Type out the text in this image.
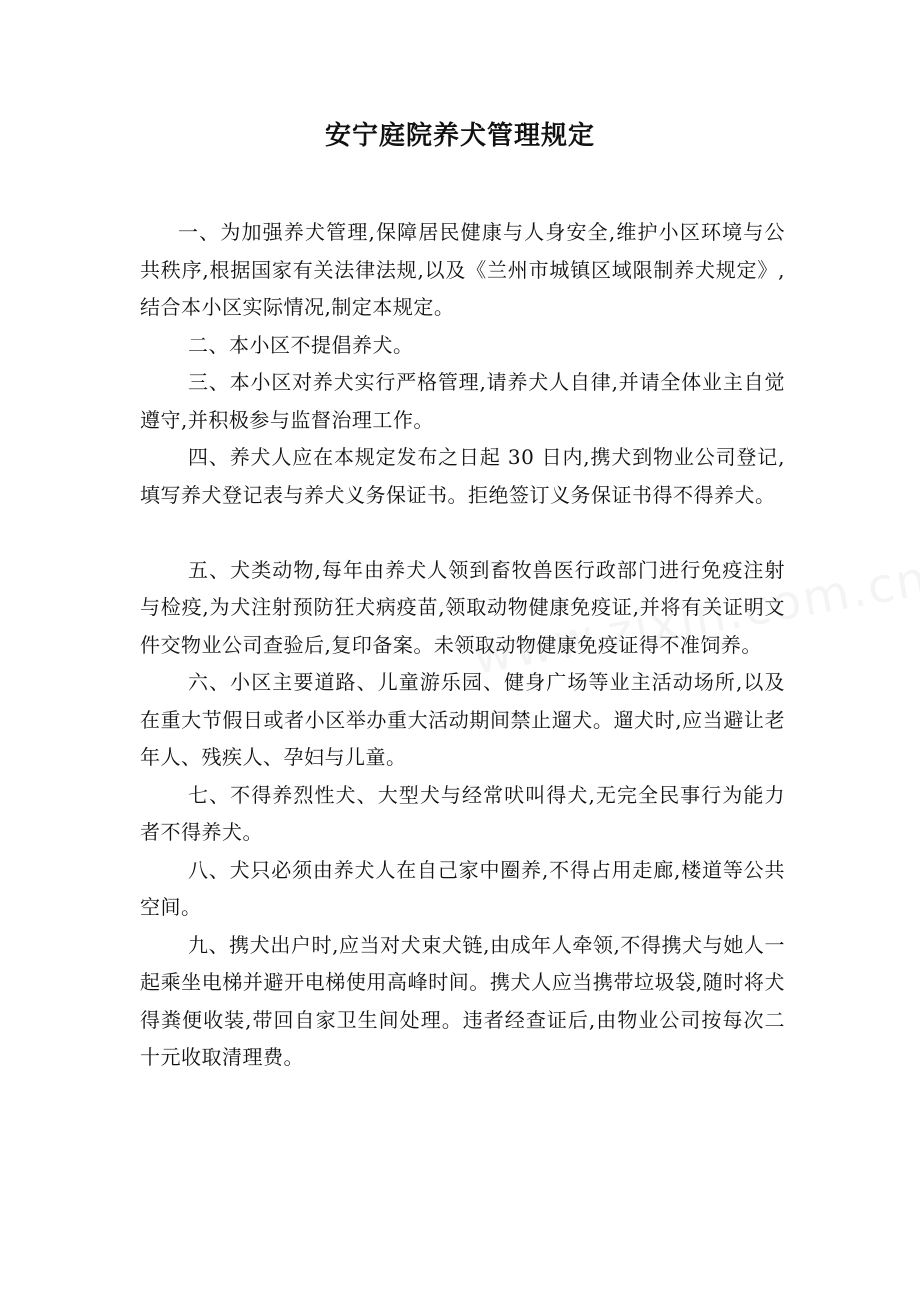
安宁庭院养犬管理规定

一、为加强养犬管理,保障居民健康与人身安全,维护小区环境与公共秩序,根据国家有关法律法规,以及《兰州市城镇区域限制养犬规定》,结合本小区实际情况,制定本规定。

二、本小区不提倡养犬。

三、本小区对养犬实行严格管理,请养犬人自律,并请全体业主自觉遵守,并积极参与监督治理工作。

四、养犬人应在本规定发布之日起 30 日内,携犬到物业公司登记,填写养犬登记表与养犬义务保证书。拒绝签订义务保证书得不得养犬。

五、犬类动物,每年由养犬人领到畜牧兽医行政部门进行免疫注射与检疫,为犬注射预防狂犬病疫苗,领取动物健康免疫证,并将有关证明文件交物业公司查验后,复印备案。未领取动物健康免疫证得不准饲养。

六、小区主要道路、儿童游乐园、健身广场等业主活动场所,以及在重大节假日或者小区举办重大活动期间禁止遛犬。遛犬时,应当避让老年人、残疾人、孕妇与儿童。

七、不得养烈性犬、大型犬与经常吠叫得犬,无完全民事行为能力者不得养犬。

八、犬只必须由养犬人在自己家中圈养,不得占用走廊,楼道等公共空间。

九、携犬出户时,应当对犬束犬链,由成年人牵领,不得携犬与她人一起乘坐电梯并避开电梯使用高峰时间。携犬人应当携带垃圾袋,随时将犬得粪便收装,带回自家卫生间处理。违者经查证后,由物业公司按每次二十元收取清理费。
